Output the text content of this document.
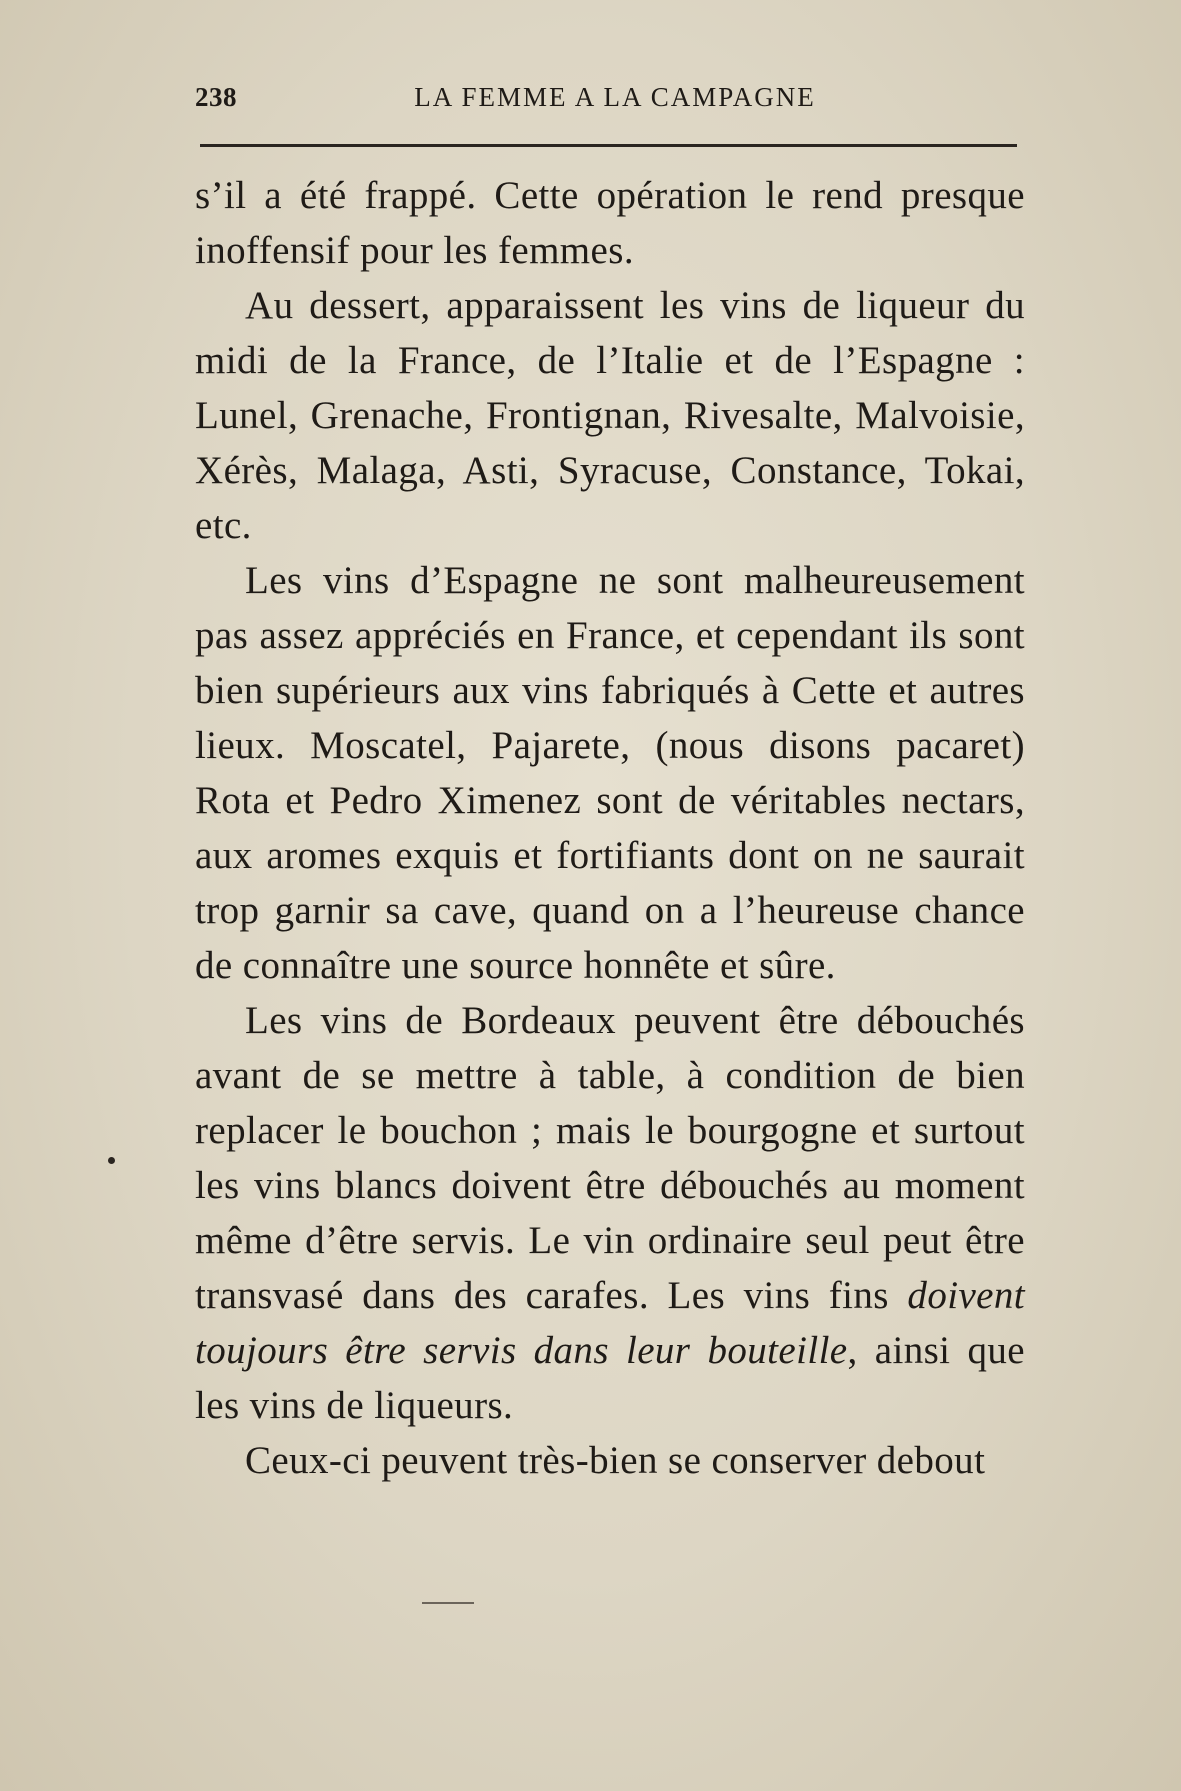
238	LA FEMME A LA CAMPAGNE

s’il a été frappé. Cette opération le rend presque inoffensif pour les femmes.

Au dessert, apparaissent les vins de liqueur du midi de la France, de l’Italie et de l’Espagne : Lunel, Grenache, Frontignan, Rivesalte, Malvoisie, Xérès, Malaga, Asti, Syracuse, Constance, Tokai, etc.

Les vins d’Espagne ne sont malheureusement pas assez appréciés en France, et cependant ils sont bien supérieurs aux vins fabriqués à Cette et autres lieux. Moscatel, Pajarete, (nous disons pacaret) Rota et Pedro Ximenez sont de véritables nectars, aux aromes exquis et fortifiants dont on ne saurait trop garnir sa cave, quand on a l’heureuse chance de connaître une source honnête et sûre.

Les vins de Bordeaux peuvent être débouchés avant de se mettre à table, à condition de bien replacer le bouchon ; mais le bourgogne et surtout les vins blancs doivent être débouchés au moment même d’être servis. Le vin ordinaire seul peut être transvasé dans des carafes. Les vins fins doivent toujours être servis dans leur bouteille, ainsi que les vins de liqueurs.

Ceux-ci peuvent très-bien se conserver debout
